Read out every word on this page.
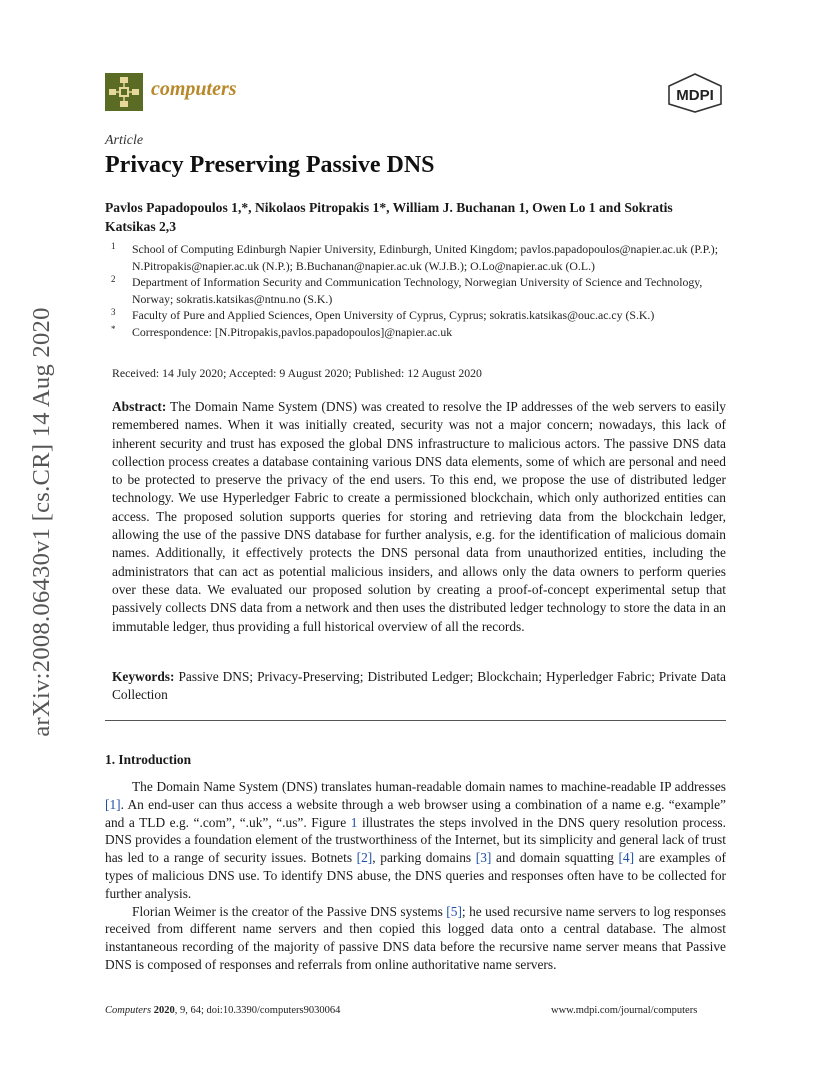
arXiv:2008.06430v1 [cs.CR] 14 Aug 2020
computers	MDPI
Article
Privacy Preserving Passive DNS
Pavlos Papadopoulos 1,*, Nikolaos Pitropakis 1*, William J. Buchanan 1, Owen Lo 1 and Sokratis
Katsikas 2,3
1 School of Computing Edinburgh Napier University, Edinburgh, United Kingdom; pavlos.papadopoulos@napier.ac.uk (P.P.); N.Pitropakis@napier.ac.uk (N.P.); B.Buchanan@napier.ac.uk (W.J.B.); O.Lo@napier.ac.uk (O.L.)
2 Department of Information Security and Communication Technology, Norwegian University of Science and Technology, Norway; sokratis.katsikas@ntnu.no (S.K.)
3 Faculty of Pure and Applied Sciences, Open University of Cyprus, Cyprus; sokratis.katsikas@ouc.ac.cy (S.K.)
* Correspondence: [N.Pitropakis,pavlos.papadopoulos]@napier.ac.uk
Received: 14 July 2020; Accepted: 9 August 2020; Published: 12 August 2020
Abstract: The Domain Name System (DNS) was created to resolve the IP addresses of the web servers to easily remembered names. When it was initially created, security was not a major concern; nowadays, this lack of inherent security and trust has exposed the global DNS infrastructure to malicious actors. The passive DNS data collection process creates a database containing various DNS data elements, some of which are personal and need to be protected to preserve the privacy of the end users. To this end, we propose the use of distributed ledger technology. We use Hyperledger Fabric to create a permissioned blockchain, which only authorized entities can access. The proposed solution supports queries for storing and retrieving data from the blockchain ledger, allowing the use of the passive DNS database for further analysis, e.g. for the identification of malicious domain names. Additionally, it effectively protects the DNS personal data from unauthorized entities, including the administrators that can act as potential malicious insiders, and allows only the data owners to perform queries over these data. We evaluated our proposed solution by creating a proof-of-concept experimental setup that passively collects DNS data from a network and then uses the distributed ledger technology to store the data in an immutable ledger, thus providing a full historical overview of all the records.
Keywords: Passive DNS; Privacy-Preserving; Distributed Ledger; Blockchain; Hyperledger Fabric; Private Data Collection
1. Introduction

The Domain Name System (DNS) translates human-readable domain names to machine-readable IP addresses [1]. An end-user can thus access a website through a web browser using a combination of a name e.g. “example” and a TLD e.g. “.com”, “.uk”, “.us”. Figure 1 illustrates the steps involved in the DNS query resolution process. DNS provides a foundation element of the trustworthiness of the Internet, but its simplicity and general lack of trust has led to a range of security issues. Botnets [2], parking domains [3] and domain squatting [4] are examples of types of malicious DNS use. To identify DNS abuse, the DNS queries and responses often have to be collected for further analysis.

Florian Weimer is the creator of the Passive DNS systems [5]; he used recursive name servers to log responses received from different name servers and then copied this logged data onto a central database. The almost instantaneous recording of the majority of passive DNS data before the recursive name server means that Passive DNS is composed of responses and referrals from online authoritative name servers.

Computers 2020, 9, 64; doi:10.3390/computers9030064	www.mdpi.com/journal/computers
